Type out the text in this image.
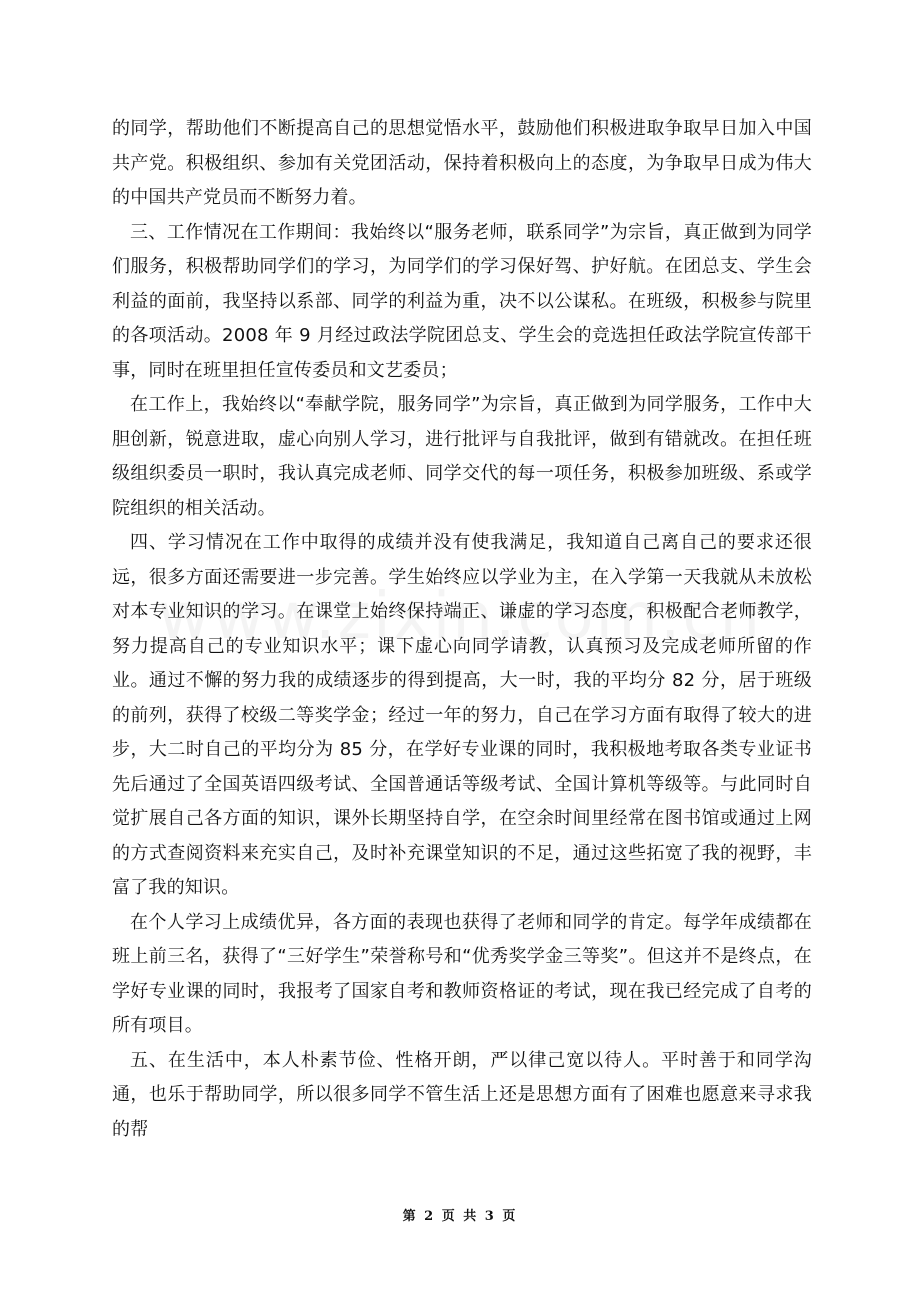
的同学，帮助他们不断提高自己的思想觉悟水平，鼓励他们积极进取争取早日加入中国共产党。积极组织、参加有关党团活动，保持着积极向上的态度，为争取早日成为伟大的中国共产党员而不断努力着。

三、工作情况在工作期间：我始终以“服务老师，联系同学”为宗旨，真正做到为同学们服务，积极帮助同学们的学习，为同学们的学习保好驾、护好航。在团总支、学生会利益的面前，我坚持以系部、同学的利益为重，决不以公谋私。在班级，积极参与院里的各项活动。2008 年 9 月经过政法学院团总支、学生会的竞选担任政法学院宣传部干事，同时在班里担任宣传委员和文艺委员；

在工作上，我始终以“奉献学院，服务同学”为宗旨，真正做到为同学服务，工作中大胆创新，锐意进取，虚心向别人学习，进行批评与自我批评，做到有错就改。在担任班级组织委员一职时，我认真完成老师、同学交代的每一项任务，积极参加班级、系或学院组织的相关活动。

四、学习情况在工作中取得的成绩并没有使我满足，我知道自己离自己的要求还很远，很多方面还需要进一步完善。学生始终应以学业为主，在入学第一天我就从未放松对本专业知识的学习。在课堂上始终保持端正、谦虚的学习态度，积极配合老师教学，努力提高自己的专业知识水平；课下虚心向同学请教，认真预习及完成老师所留的作业。通过不懈的努力我的成绩逐步的得到提高，大一时，我的平均分 82 分，居于班级的前列，获得了校级二等奖学金；经过一年的努力，自己在学习方面有取得了较大的进步，大二时自己的平均分为 85 分，在学好专业课的同时，我积极地考取各类专业证书先后通过了全国英语四级考试、全国普通话等级考试、全国计算机等级等。与此同时自觉扩展自己各方面的知识，课外长期坚持自学，在空余时间里经常在图书馆或通过上网的方式查阅资料来充实自己，及时补充课堂知识的不足，通过这些拓宽了我的视野，丰富了我的知识。

在个人学习上成绩优异，各方面的表现也获得了老师和同学的肯定。每学年成绩都在班上前三名，获得了“三好学生”荣誉称号和“优秀奖学金三等奖”。但这并不是终点，在学好专业课的同时，我报考了国家自考和教师资格证的考试，现在我已经完成了自考的所有项目。

五、在生活中，本人朴素节俭、性格开朗，严以律己宽以待人。平时善于和同学沟通，也乐于帮助同学，所以很多同学不管生活上还是思想方面有了困难也愿意来寻求我的帮

第 2 页 共 3 页
